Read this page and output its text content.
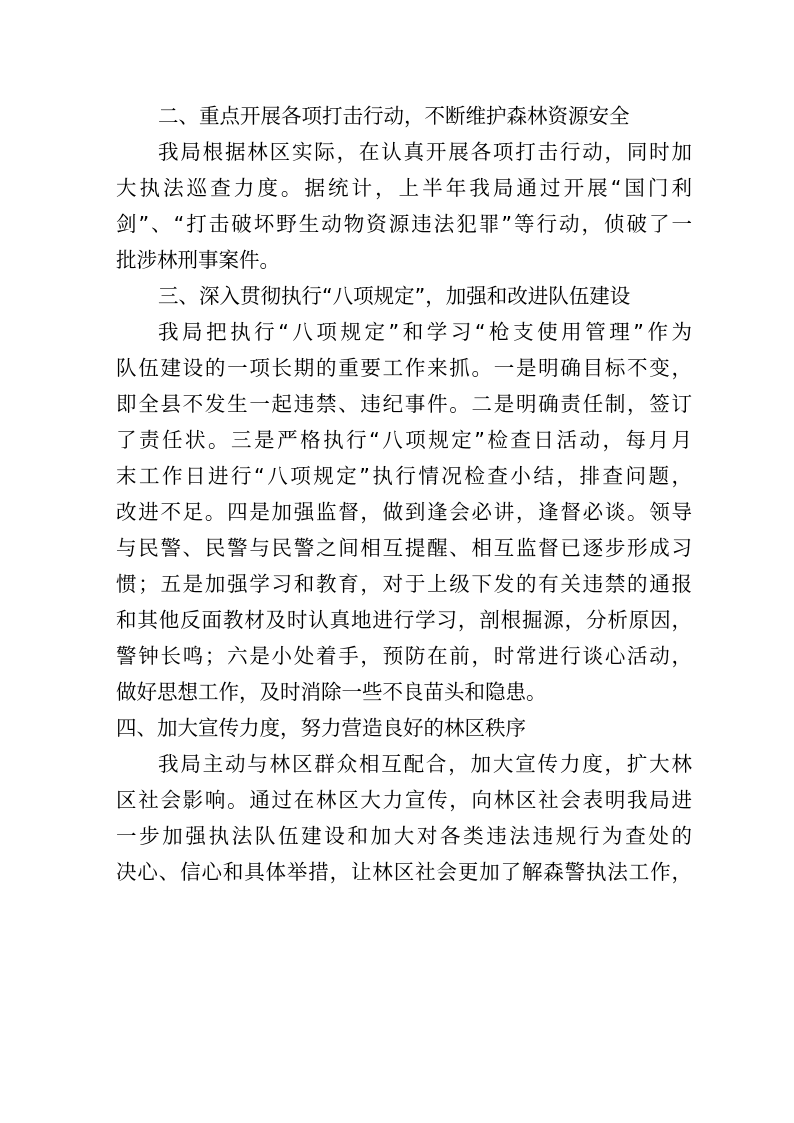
二、重点开展各项打击行动，不断维护森林资源安全
我局根据林区实际，在认真开展各项打击行动，同时加
大执法巡查力度。据统计，上半年我局通过开展“国门利
剑”、“打击破坏野生动物资源违法犯罪”等行动，侦破了一
批涉林刑事案件。
三、深入贯彻执行“八项规定”，加强和改进队伍建设
我局把执行“八项规定”和学习“枪支使用管理”作为
队伍建设的一项长期的重要工作来抓。一是明确目标不变，
即全县不发生一起违禁、违纪事件。二是明确责任制，签订
了责任状。三是严格执行“八项规定”检查日活动，每月月
末工作日进行“八项规定”执行情况检查小结，排查问题，
改进不足。四是加强监督，做到逢会必讲，逢督必谈。领导
与民警、民警与民警之间相互提醒、相互监督已逐步形成习
惯；五是加强学习和教育，对于上级下发的有关违禁的通报
和其他反面教材及时认真地进行学习，剖根掘源，分析原因，
警钟长鸣；六是小处着手，预防在前，时常进行谈心活动，
做好思想工作，及时消除一些不良苗头和隐患。
四、加大宣传力度，努力营造良好的林区秩序
我局主动与林区群众相互配合，加大宣传力度，扩大林
区社会影响。通过在林区大力宣传，向林区社会表明我局进
一步加强执法队伍建设和加大对各类违法违规行为查处的
决心、信心和具体举措，让林区社会更加了解森警执法工作，
